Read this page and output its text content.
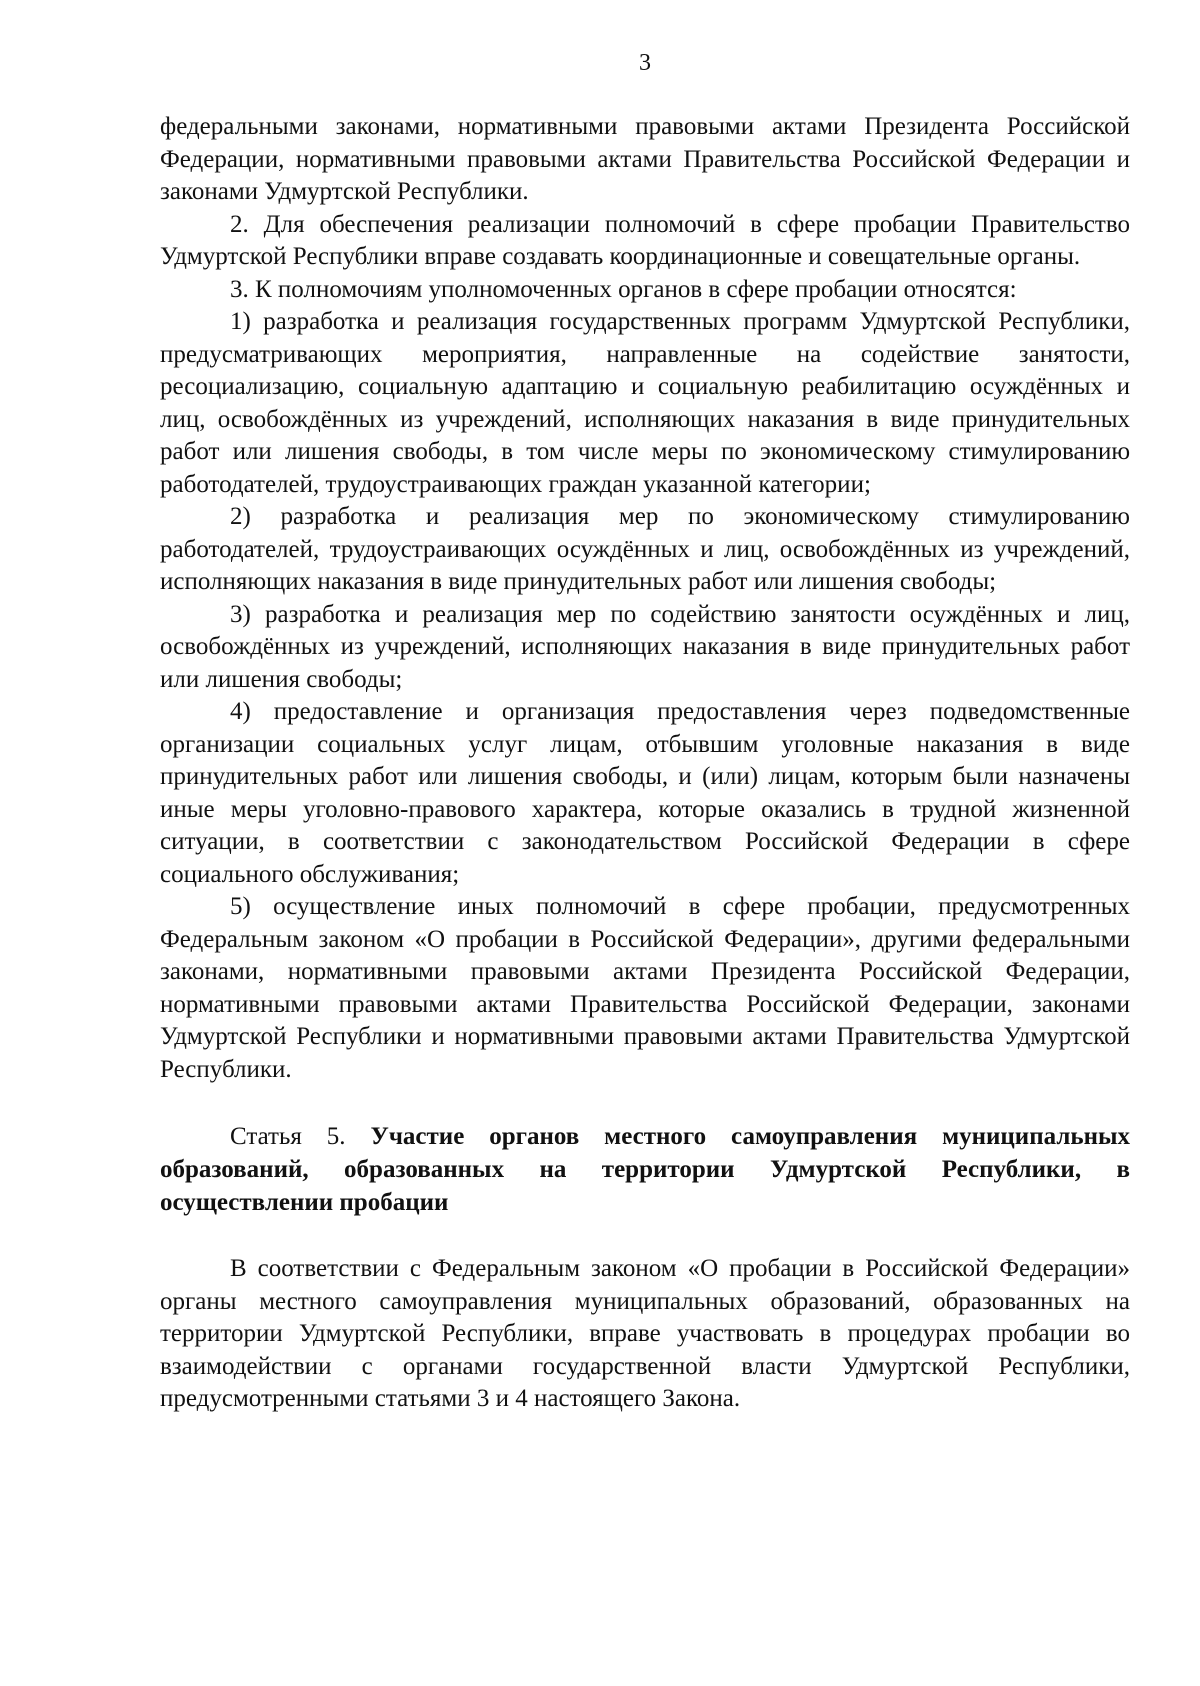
3

федеральными законами, нормативными правовыми актами Президента Российской Федерации, нормативными правовыми актами Правительства Российской Федерации и законами Удмуртской Республики.

2. Для обеспечения реализации полномочий в сфере пробации Правительство Удмуртской Республики вправе создавать координационные и совещательные органы.

3. К полномочиям уполномоченных органов в сфере пробации относятся:

1) разработка и реализация государственных программ Удмуртской Республики, предусматривающих мероприятия, направленные на содействие занятости, ресоциализацию, социальную адаптацию и социальную реабилитацию осуждённых и лиц, освобождённых из учреждений, исполняющих наказания в виде принудительных работ или лишения свободы, в том числе меры по экономическому стимулированию работодателей, трудоустраивающих граждан указанной категории;

2) разработка и реализация мер по экономическому стимулированию работодателей, трудоустраивающих осуждённых и лиц, освобождённых из учреждений, исполняющих наказания в виде принудительных работ или лишения свободы;

3) разработка и реализация мер по содействию занятости осуждённых и лиц, освобождённых из учреждений, исполняющих наказания в виде принудительных работ или лишения свободы;

4) предоставление и организация предоставления через подведомственные организации социальных услуг лицам, отбывшим уголовные наказания в виде принудительных работ или лишения свободы, и (или) лицам, которым были назначены иные меры уголовно-правового характера, которые оказались в трудной жизненной ситуации, в соответствии с законодательством Российской Федерации в сфере социального обслуживания;

5) осуществление иных полномочий в сфере пробации, предусмотренных Федеральным законом «О пробации в Российской Федерации», другими федеральными законами, нормативными правовыми актами Президента Российской Федерации, нормативными правовыми актами Правительства Российской Федерации, законами Удмуртской Республики и нормативными правовыми актами Правительства Удмуртской Республики.

Статья 5. Участие органов местного самоуправления муниципальных образований, образованных на территории Удмуртской Республики, в осуществлении пробации

В соответствии с Федеральным законом «О пробации в Российской Федерации» органы местного самоуправления муниципальных образований, образованных на территории Удмуртской Республики, вправе участвовать в процедурах пробации во взаимодействии с органами государственной власти Удмуртской Республики, предусмотренными статьями 3 и 4 настоящего Закона.
